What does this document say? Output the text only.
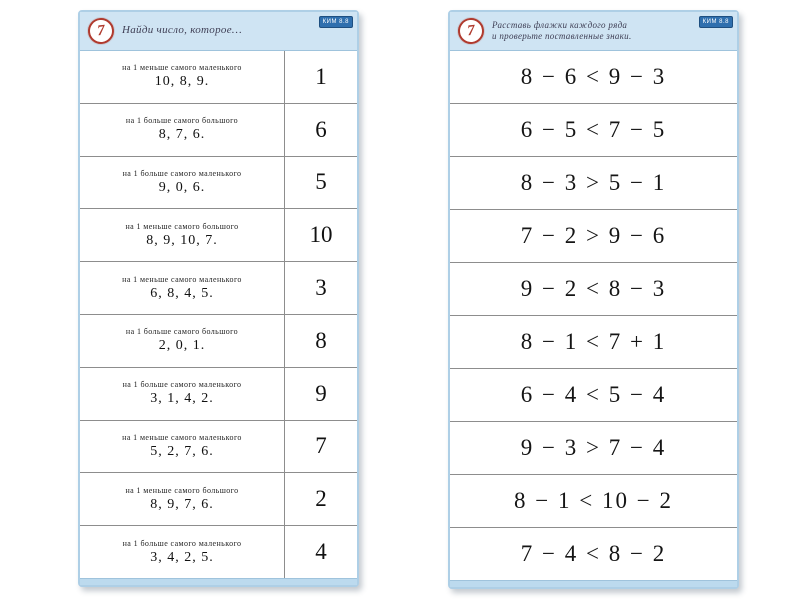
7	Найди число, которое…
КИМ 8.8
на 1 меньше самого маленького
10, 8, 9.	1
на 1 больше самого большого
8, 7, 6.	6
на 1 больше самого маленького
9, 0, 6.	5
на 1 меньше самого большого
8, 9, 10, 7.	10
на 1 меньше самого маленького
6, 8, 4, 5.	3
на 1 больше самого большого
2, 0, 1.	8
на 1 больше самого маленького
3, 1, 4, 2.	9
на 1 меньше самого маленького
5, 2, 7, 6.	7
на 1 меньше самого большого
8, 9, 7, 6.	2
на 1 больше самого маленького
3, 4, 2, 5.	4
7	Расставь флажки каждого ряда
и проверьте поставленные знаки.
КИМ 8.8
8 − 6 < 9 − 3
6 − 5 < 7 − 5
8 − 3 > 5 − 1
7 − 2 > 9 − 6
9 − 2 < 8 − 3
8 − 1 < 7 + 1
6 − 4 < 5 − 4
9 − 3 > 7 − 4
8 − 1 < 10 − 2
7 − 4 < 8 − 2
